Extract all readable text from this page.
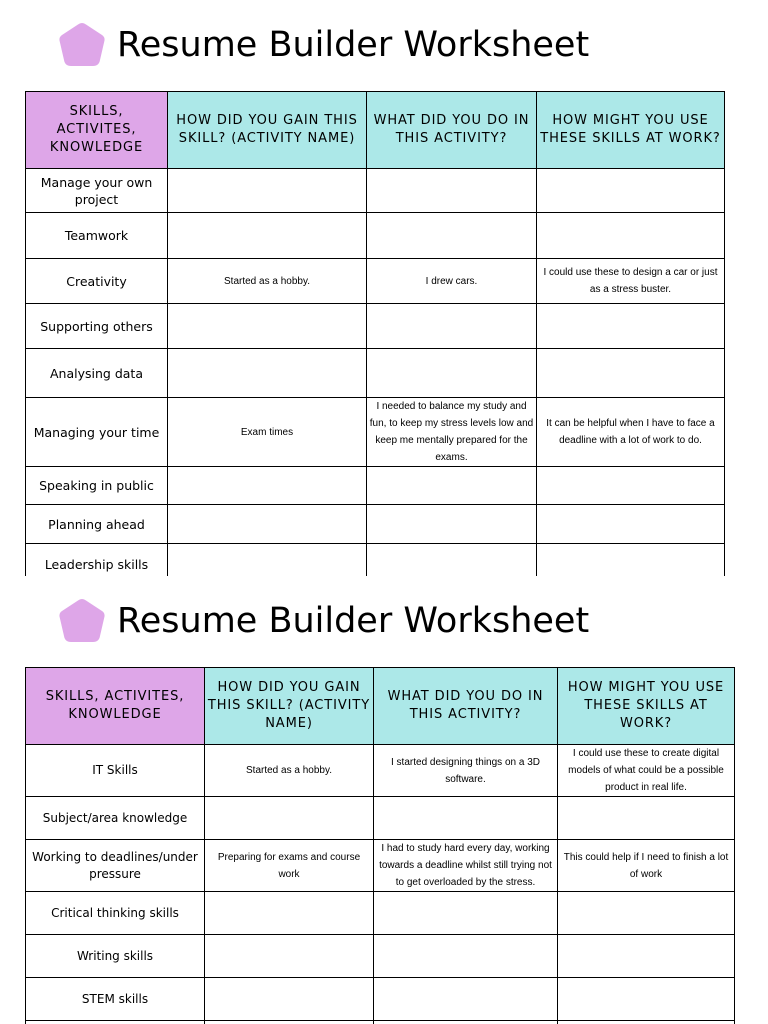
Resume Builder Worksheet
SKILLS, ACTIVITES, KNOWLEDGE	HOW DID YOU GAIN THIS SKILL? (ACTIVITY NAME)	WHAT DID YOU DO IN THIS ACTIVITY?	HOW MIGHT YOU USE THESE SKILLS AT WORK?
Manage your own project			
Teamwork			
Creativity	Started as a hobby.	I drew cars.	I could use these to design a car or just as a stress buster.
Supporting others			
Analysing data			
Managing your time	Exam times	I needed to balance my study and fun, to keep my stress levels low and keep me mentally prepared for the exams.	It can be helpful when I have to face a deadline with a lot of work to do.
Speaking in public			
Planning ahead			
Leadership skills			
Resume Builder Worksheet
SKILLS, ACTIVITES, KNOWLEDGE	HOW DID YOU GAIN THIS SKILL? (ACTIVITY NAME)	WHAT DID YOU DO IN THIS ACTIVITY?	HOW MIGHT YOU USE THESE SKILLS AT WORK?
IT Skills	Started as a hobby.	I started designing things on a 3D software.	I could use these to create digital models of what could be a possible product in real life.
Subject/area knowledge			
Working to deadlines/under pressure	Preparing for exams and course work	I had to study hard every day, working towards a deadline whilst still trying not to get overloaded by the stress.	This could help if I need to finish a lot of work
Critical thinking skills			
Writing skills			
STEM skills			
